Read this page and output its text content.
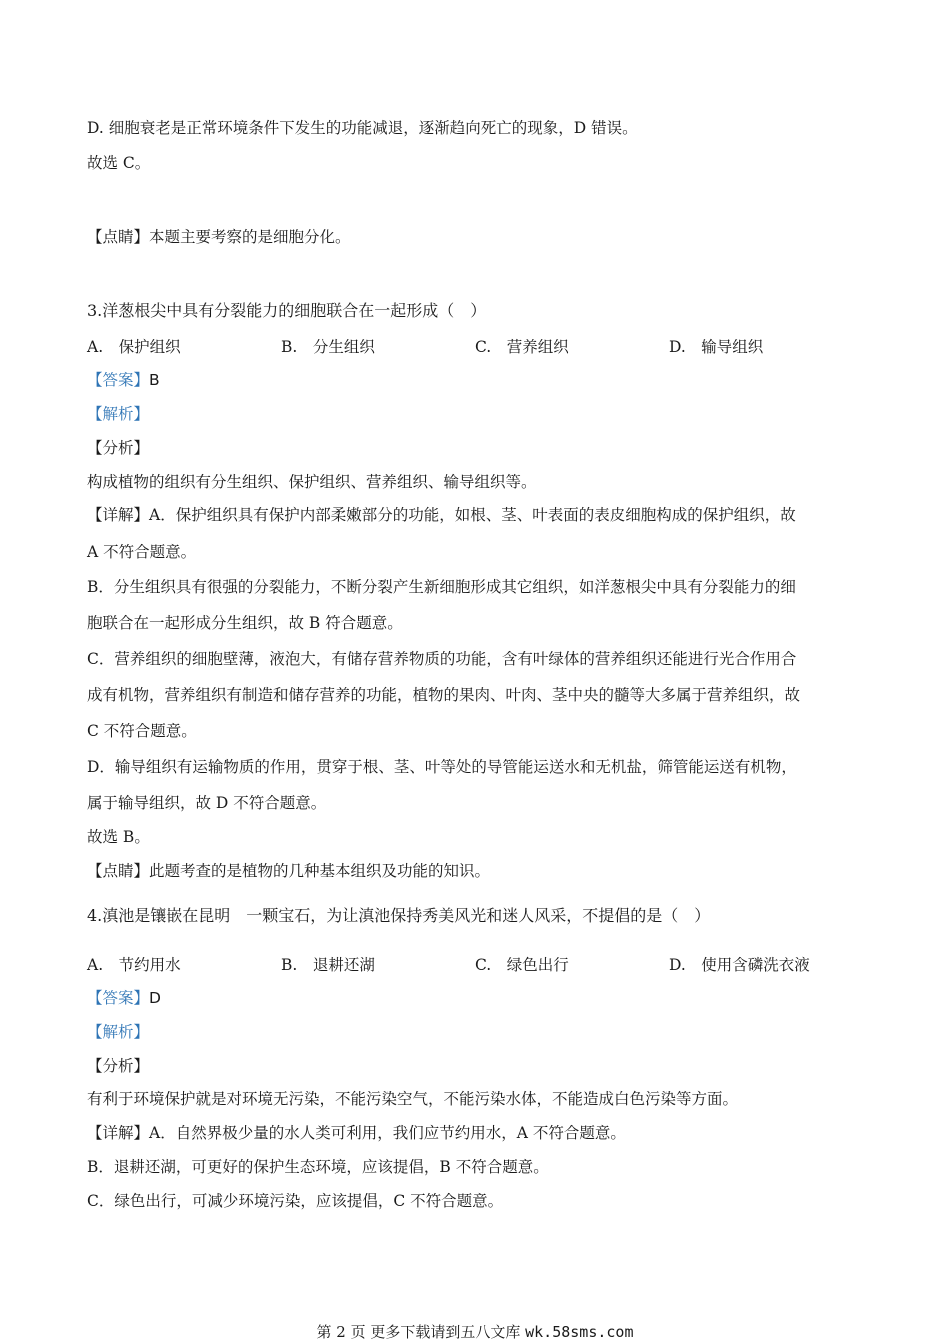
D. 细胞衰老是正常环境条件下发生的功能减退，逐渐趋向死亡的现象，D 错误。
故选 C。
【点睛】本题主要考察的是细胞分化。
3.洋葱根尖中具有分裂能力的细胞联合在一起形成（　）
A.　保护组织	B.　分生组织	C.　营养组织	D.　输导组织
【答案】B
【解析】
【分析】
构成植物的组织有分生组织、保护组织、营养组织、输导组织等。
【详解】A．保护组织具有保护内部柔嫩部分的功能，如根、茎、叶表面的表皮细胞构成的保护组织，故
A 不符合题意。
B．分生组织具有很强的分裂能力，不断分裂产生新细胞形成其它组织，如洋葱根尖中具有分裂能力的细
胞联合在一起形成分生组织，故 B 符合题意。
C．营养组织的细胞壁薄，液泡大，有储存营养物质的功能，含有叶绿体的营养组织还能进行光合作用合
成有机物，营养组织有制造和储存营养的功能，植物的果肉、叶肉、茎中央的髓等大多属于营养组织，故
C 不符合题意。
D．输导组织有运输物质的作用，贯穿于根、茎、叶等处的导管能运送水和无机盐，筛管能运送有机物，
属于输导组织，故 D 不符合题意。
故选 B。
【点睛】此题考查的是植物的几种基本组织及功能的知识。
4.滇池是镶嵌在昆明　一颗宝石，为让滇池保持秀美风光和迷人风采，不提倡的是（　）
A.　节约用水	B.　退耕还湖	C.　绿色出行	D.　使用含磷洗衣液
【答案】D
【解析】
【分析】
有利于环境保护就是对环境无污染，不能污染空气，不能污染水体，不能造成白色污染等方面。
【详解】A．自然界极少量的水人类可利用，我们应节约用水，A 不符合题意。
B．退耕还湖，可更好的保护生态环境，应该提倡，B 不符合题意。
C．绿色出行，可减少环境污染，应该提倡，C 不符合题意。
第 2 页 更多下载请到五八文库 wk.58sms.com
